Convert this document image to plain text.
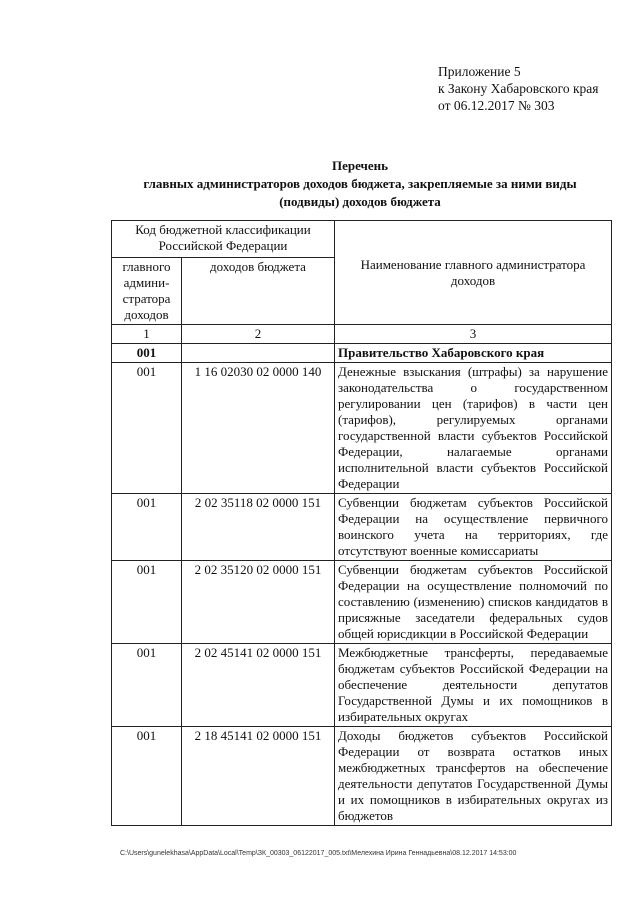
Приложение 5
к Закону Хабаровского края
от 06.12.2017 № 303
Перечень
главных администраторов доходов бюджета, закрепляемые за ними виды
(подвиды) доходов бюджета
Код бюджетной классификации Российской Федерации		Наименование главного администратора доходов
главного админи-стратора доходов	доходов бюджета	
1	2	3
001		Правительство Хабаровского края
001	1 16 02030 02 0000 140	Денежные взыскания (штрафы) за нарушение законодательства о государственном регулировании цен (тарифов) в части цен (тарифов), регулируемых органами государственной власти субъектов Российской Федерации, налагаемые органами исполнительной власти субъектов Российской Федерации
001	2 02 35118 02 0000 151	Субвенции бюджетам субъектов Российской Федерации на осуществление первичного воинского учета на территориях, где отсутствуют военные комиссариаты
001	2 02 35120 02 0000 151	Субвенции бюджетам субъектов Российской Федерации на осуществление полномочий по составлению (изменению) списков кандидатов в присяжные заседатели федеральных судов общей юрисдикции в Российской Федерации
001	2 02 45141 02 0000 151	Межбюджетные трансферты, передаваемые бюджетам субъектов Российской Федерации на обеспечение деятельности депутатов Государственной Думы и их помощников в избирательных округах
001	2 18 45141 02 0000 151	Доходы бюджетов субъектов Российской Федерации от возврата остатков иных межбюджетных трансфертов на обеспечение деятельности депутатов Государственной Думы и их помощников в избирательных округах из бюджетов
C:\Users\gunelekhasa\AppData\Local\Temp\ЗК_00303_06122017_005.txt\Мелехина Ирина Геннадьевна\08.12.2017 14:53:00
